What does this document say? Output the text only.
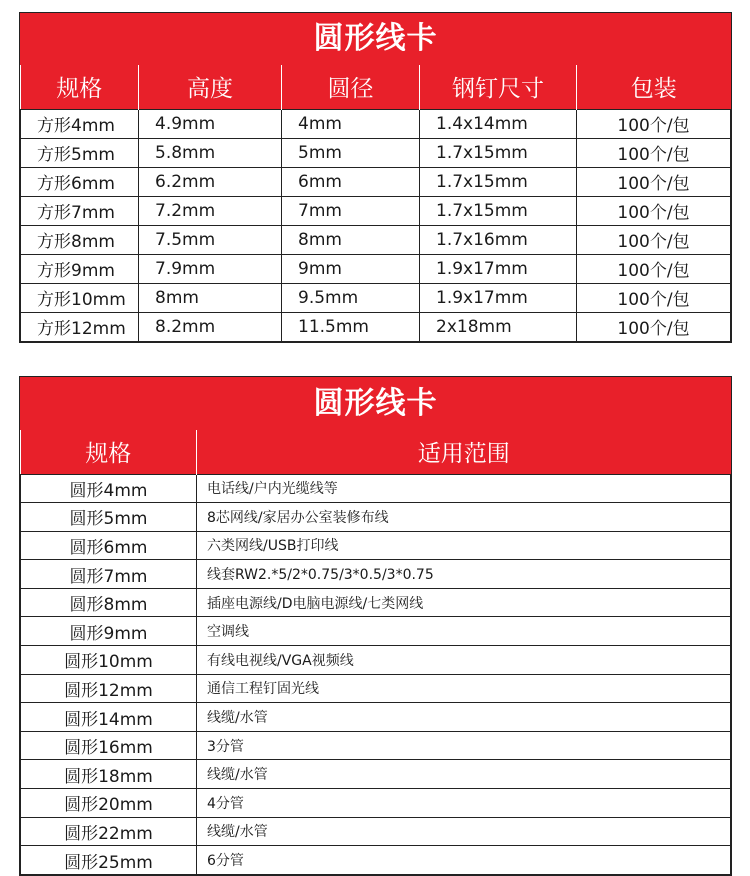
圆形线卡
规格	高度	圆径	钢钉尺寸	包装
方形4mm	4.9mm	4mm	1.4x14mm	100个/包
方形5mm	5.8mm	5mm	1.7x15mm	100个/包
方形6mm	6.2mm	6mm	1.7x15mm	100个/包
方形7mm	7.2mm	7mm	1.7x15mm	100个/包
方形8mm	7.5mm	8mm	1.7x16mm	100个/包
方形9mm	7.9mm	9mm	1.9x17mm	100个/包
方形10mm	8mm	9.5mm	1.9x17mm	100个/包
方形12mm	8.2mm	11.5mm	2x18mm	100个/包
圆形线卡
规格	适用范围
圆形4mm	电话线/户内光缆线等
圆形5mm	8芯网线/家居办公室装修布线
圆形6mm	六类网线/USB打印线
圆形7mm	线套RW2.*5/2*0.75/3*0.5/3*0.75
圆形8mm	插座电源线/D电脑电源线/七类网线
圆形9mm	空调线
圆形10mm	有线电视线/VGA视频线
圆形12mm	通信工程钉固光线
圆形14mm	线缆/水管
圆形16mm	3分管
圆形18mm	线缆/水管
圆形20mm	4分管
圆形22mm	线缆/水管
圆形25mm	6分管
